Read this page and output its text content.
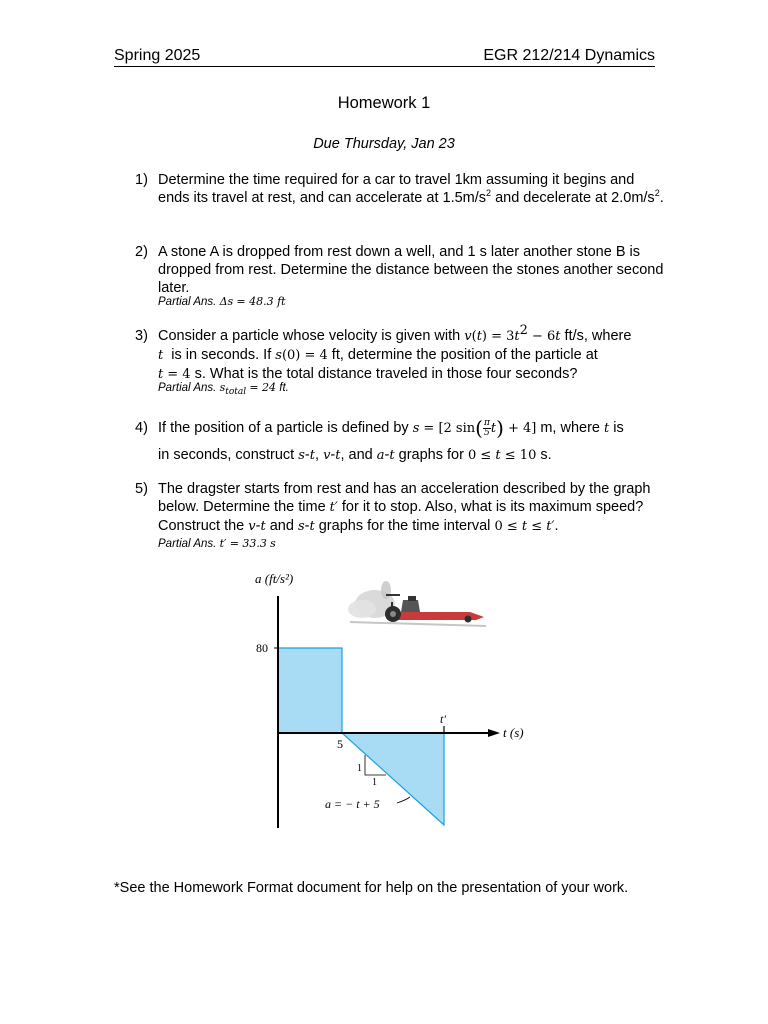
Spring 2025	EGR 212/214 Dynamics
Homework 1
Due Thursday, Jan 23
1) Determine the time required for a car to travel 1km assuming it begins and ends its travel at rest, and can accelerate at $1.5m/s^2$ and decelerate at $2.0m/s^2$.
2) A stone A is dropped from rest down a well, and 1 s later another stone B is dropped from rest. Determine the distance between the stones another second later.
Partial Ans. Δs = 48.3 ft
3) Consider a particle whose velocity is given with $v(t) = 3t^2 - 6t$ ft/s, where
t  is in seconds. If s(0) = 4 ft, determine the position of the particle at
t = 4 s. What is the total distance traveled in those four seconds?
Partial Ans. $s_{total} = 24$ ft.
4) If the position of a particle is defined by s = [2 $\sin( \frac{\pi}{5} t) + 4$] m, where t is
in seconds, construct s-t, v-t, and a-t graphs for 0 ≤ t ≤ 10 s.
5) The dragster starts from rest and has an acceleration described by the graph below. Determine the time t′ for it to stop. Also, what is its maximum speed? Construct the v-t and s-t graphs for the time interval 0 ≤ t ≤ t′.
Partial Ans. t′ = 33.3 s
a (ft/s²)
t (s)
80
5
t′
1
1
a = − t + 5
*See the Homework Format document for help on the presentation of your work.
